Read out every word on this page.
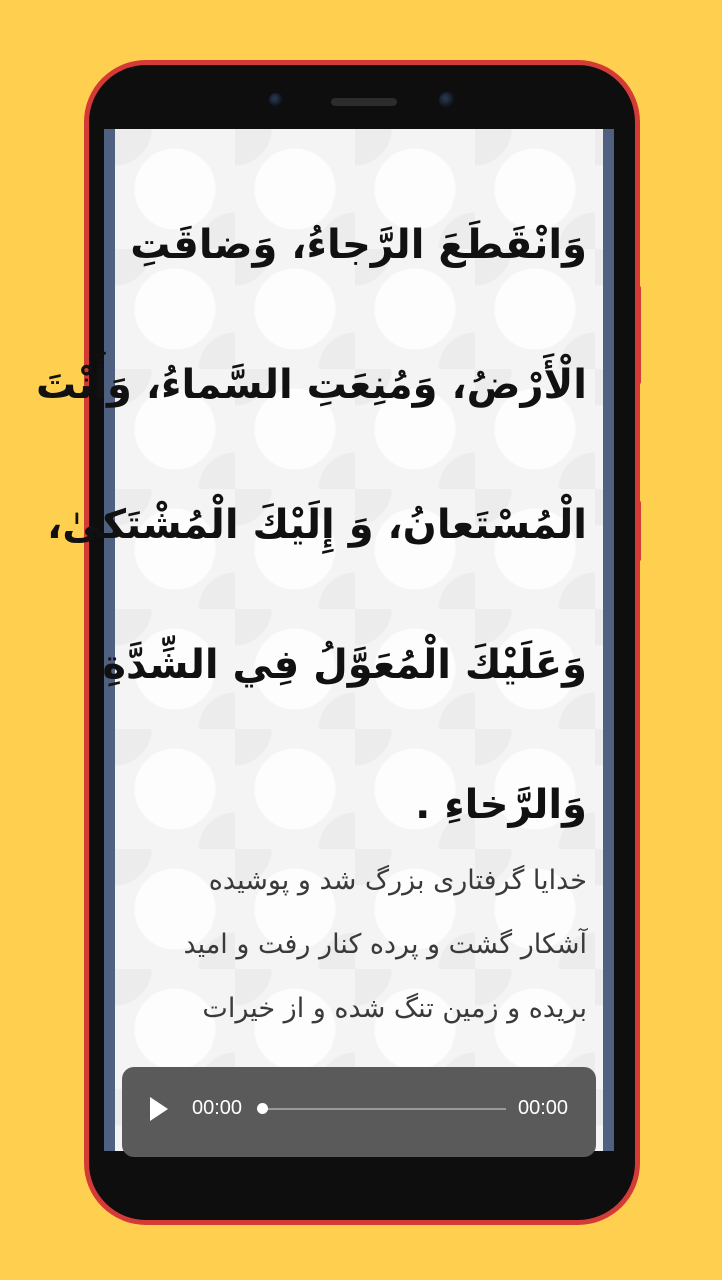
وَانْقَطَعَ الرَّجاءُ، وَضاقَتِ
الْأَرْضُ، وَمُنِعَتِ السَّماءُ، وَأَنْتَ
الْمُسْتَعانُ، وَ إِلَيْكَ الْمُشْتَكىٰ،
وَعَلَيْكَ الْمُعَوَّلُ فِي الشِّدَّةِ
وَالرَّخاءِ .
خدایا گرفتاری بزرگ شد و پوشیده
آشکار گشت و پرده کنار رفت و امید
بریده و زمین تنگ شده و از خیرات
00:00	00:00
